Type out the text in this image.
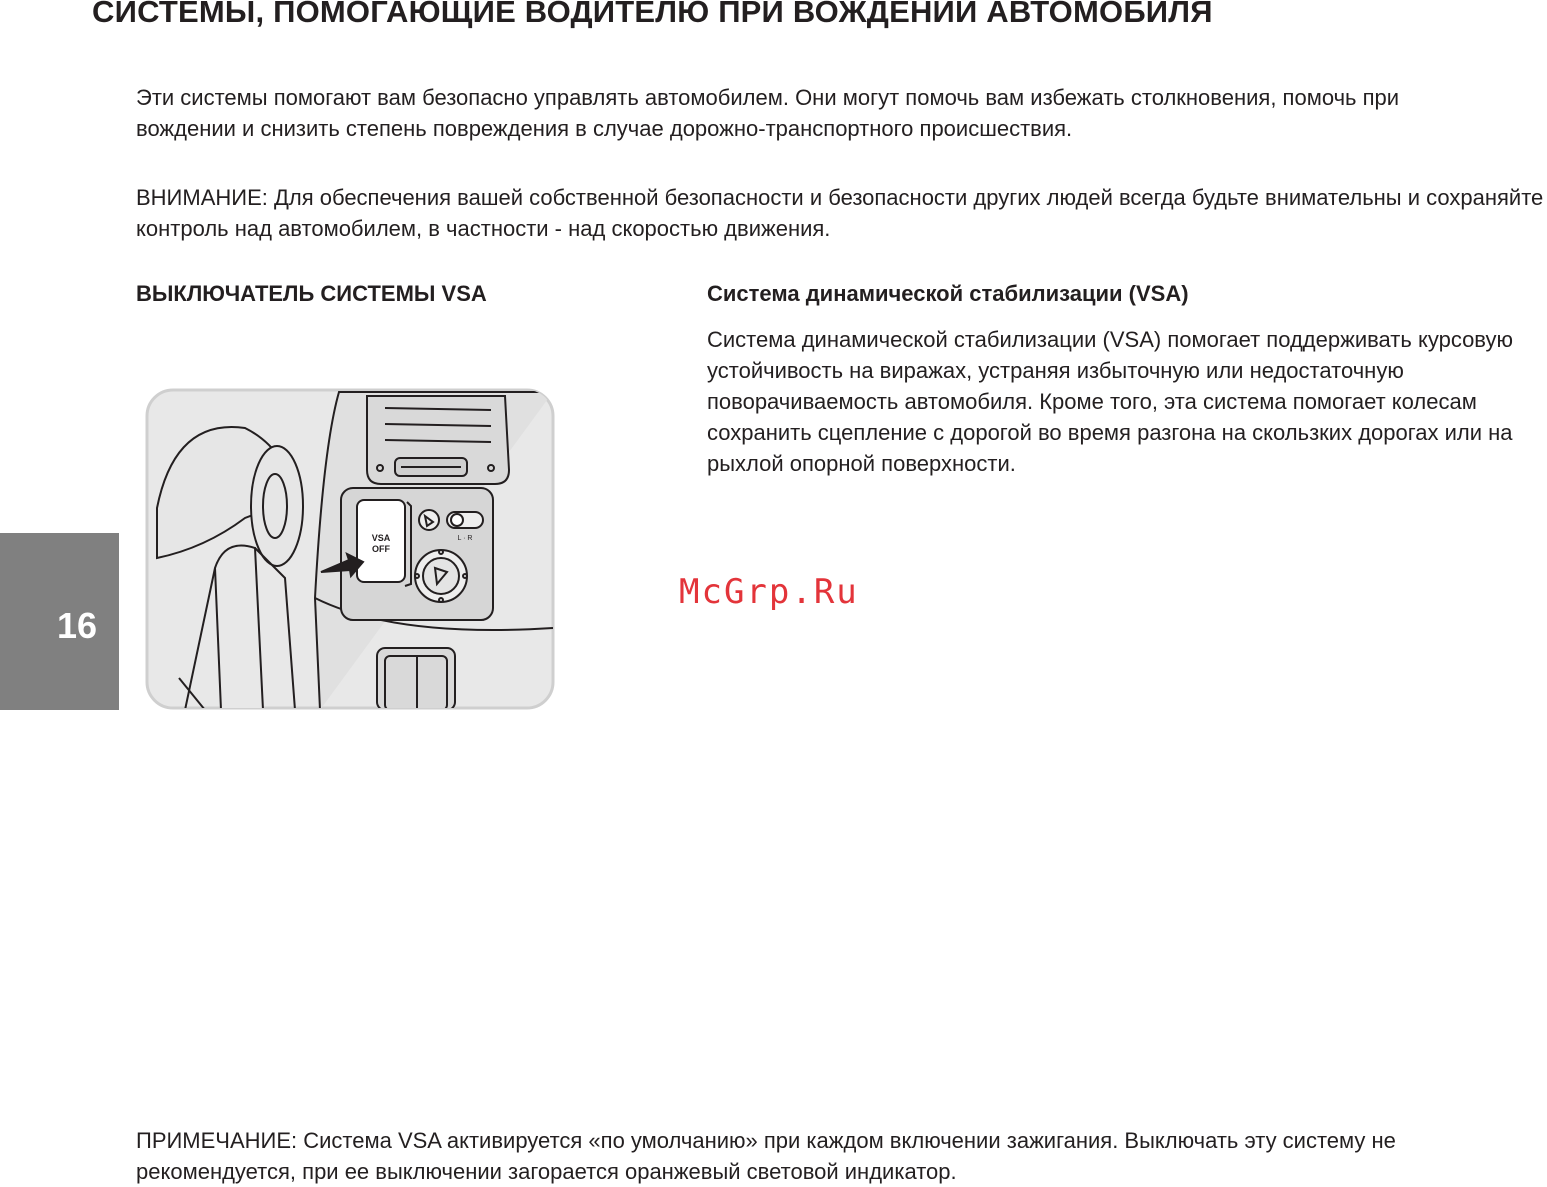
СИСТЕМЫ, ПОМОГАЮЩИЕ ВОДИТЕЛЮ ПРИ ВОЖДЕНИИ АВТОМОБИЛЯ

Эти системы помогают вам безопасно управлять автомобилем. Они могут помочь вам избежать столкновения, помочь при вождении и снизить степень повреждения в случае дорожно-транспортного происшествия.

ВНИМАНИЕ: Для обеспечения вашей собственной безопасности и безопасности других людей всегда будьте внимательны и сохраняйте контроль над автомобилем, в частности - над скоростью движения.

ВЫКЛЮЧАТЕЛЬ СИСТЕМЫ VSA	Система динамической стабилизации (VSA)

Система динамической стабилизации (VSA) помогает поддерживать курсовую устойчивость на виражах, устраняя избыточную или недостаточную поворачиваемость автомобиля. Кроме того, эта система помогает колесам сохранить сцепление с дорогой во время разгона на скользких дорогах или на рыхлой опорной поверхности.

16
VSA
OFF
L · R
McGrp.Ru

ПРИМЕЧАНИЕ: Система VSA активируется «по умолчанию» при каждом включении зажигания. Выключать эту систему не рекомендуется, при ее выключении загорается оранжевый световой индикатор.
